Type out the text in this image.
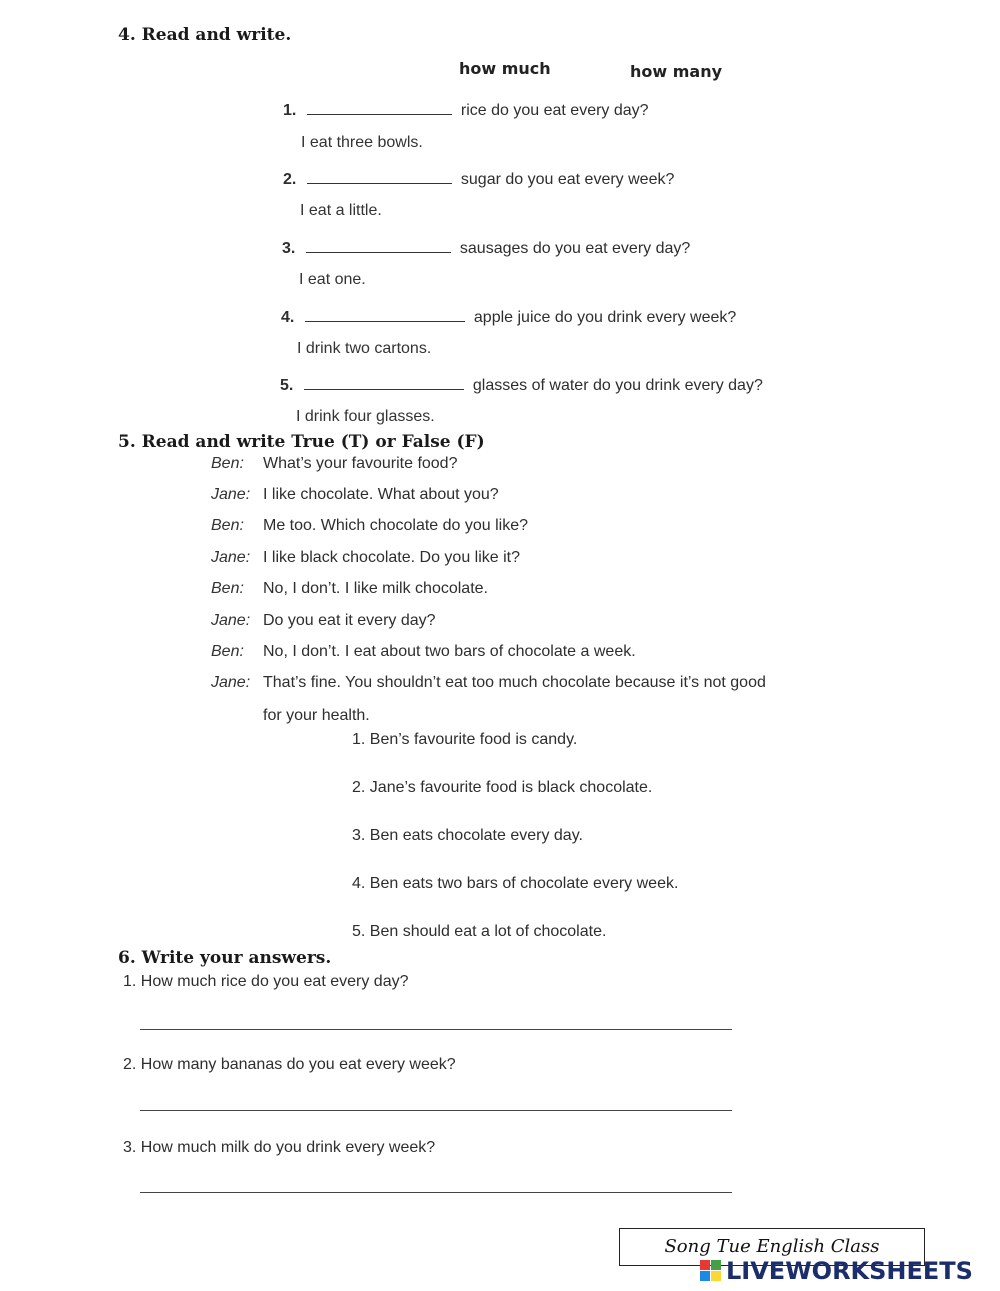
4. Read and write.
how much	how many
1.	rice do you eat every day?
I eat three bowls.
2.	sugar do you eat every week?
I eat a little.
3.	sausages do you eat every day?
I eat one.
4.	apple juice do you drink every week?
I drink two cartons.
5.	glasses of water do you drink every day?
I drink four glasses.
5. Read and write True (T) or False (F)
Ben: What’s your favourite food?
Jane: I like chocolate. What about you?
Ben: Me too. Which chocolate do you like?
Jane: I like black chocolate. Do you like it?
Ben: No, I don’t. I like milk chocolate.
Jane: Do you eat it every day?
Ben: No, I don’t. I eat about two bars of chocolate a week.
Jane: That’s fine. You shouldn’t eat too much chocolate because it’s not good
for your health.
1. Ben’s favourite food is candy.
2. Jane’s favourite food is black chocolate.
3. Ben eats chocolate every day.
4. Ben eats two bars of chocolate every week.
5. Ben should eat a lot of chocolate.
6. Write your answers.
1. How much rice do you eat every day?
2. How many bananas do you eat every week?
3. How much milk do you drink every week?
Song Tue English Class
LIVEWORKSHEETS
